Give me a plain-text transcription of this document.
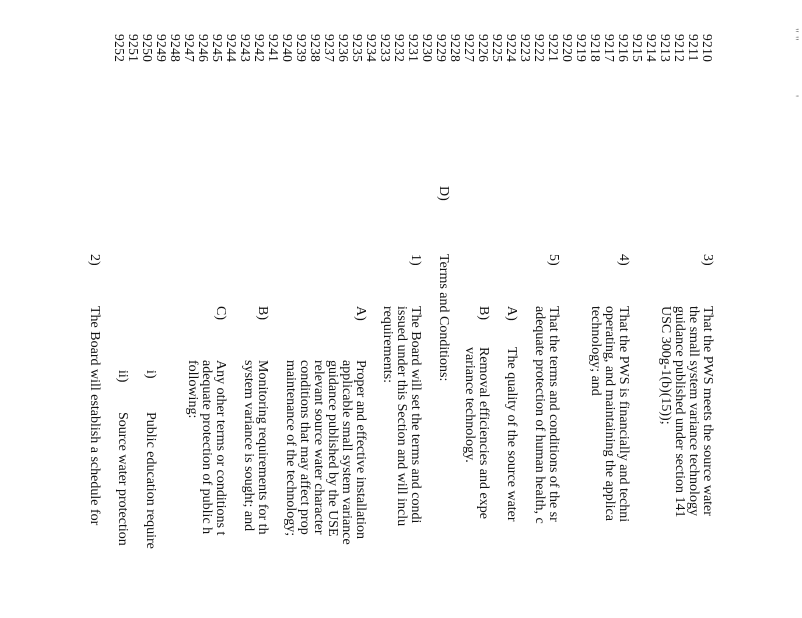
" "
'
9210
9211
9212
9213
9214
9215
9216
9217
9218
9219
9220
9221
9222
9223
9224
9225
9226
9227
9228
9229
9230
9231
9232
9233
9234
9235
9236
9237
9238
9239
9240
9241
9242
9243
9244
9245
9246
9247
9248
9249
9250
9251
9252
3)
That the PWS meets the source water
the small system variance technology
guidance published under section 141
USC 300g-1(b)(15));
4)
That the PWS is financially and techni
operating, and maintaining the applica
technology; and
5)
That the terms and conditions of the sr
adequate protection of human health, c
A)
The quality of the source water
B)
Removal efficiencies and expe
variance technology.
D)
Terms and Conditions:
1)
The Board will set the terms and condi
issued under this Section and will inclu
requirements:
A)
Proper and effective installation
applicable small system variance
guidance published by the USE
relevant source water character
conditions that may affect prop
maintenance of the technology;
B)
Monitoring requirements for th
system variance is sought; and
C)
Any other terms or conditions t
adequate protection of public h
following:
i)
Public education require
ii)
Source water protection
2)
The Board will establish a schedule for
